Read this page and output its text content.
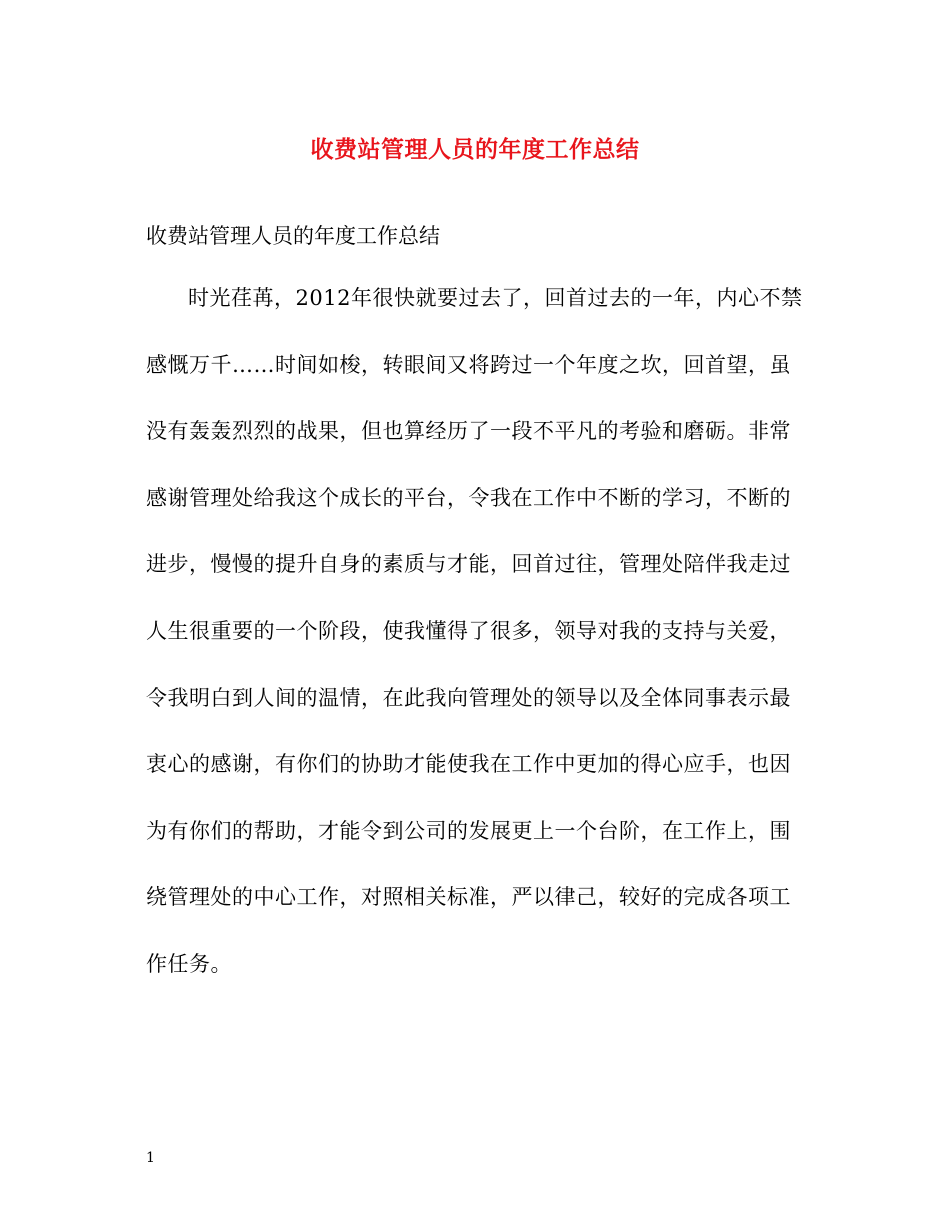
收费站管理人员的年度工作总结

收费站管理人员的年度工作总结

时光荏苒，2012年很快就要过去了，回首过去的一年，内心不禁
感慨万千……时间如梭，转眼间又将跨过一个年度之坎，回首望，虽
没有轰轰烈烈的战果，但也算经历了一段不平凡的考验和磨砺。非常
感谢管理处给我这个成长的平台，令我在工作中不断的学习，不断的
进步，慢慢的提升自身的素质与才能，回首过往，管理处陪伴我走过
人生很重要的一个阶段，使我懂得了很多，领导对我的支持与关爱，
令我明白到人间的温情，在此我向管理处的领导以及全体同事表示最
衷心的感谢，有你们的协助才能使我在工作中更加的得心应手，也因
为有你们的帮助，才能令到公司的发展更上一个台阶，在工作上，围
绕管理处的中心工作，对照相关标准，严以律己，较好的完成各项工
作任务。

1
